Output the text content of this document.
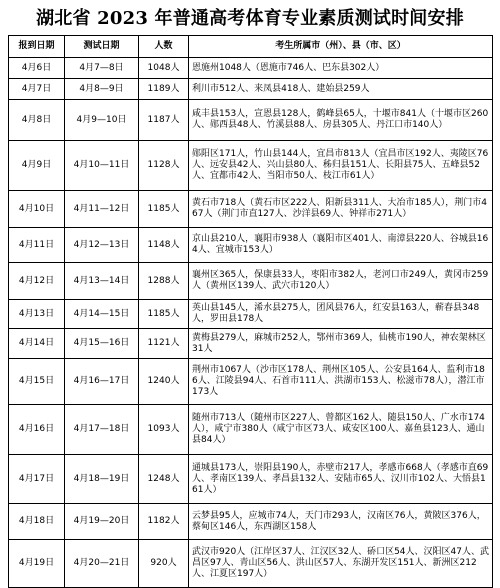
湖北省 2023 年普通高考体育专业素质测试时间安排
报到日期	测试日期	人数	考生所属市（州）、县（市、区）
4月6日	4月7—8日	1048人	恩施州1048人（恩施市746人、巴东县302人）
4月7日	4月8—9日	1189人	利川市512人、来凤县418人、建始县259人
4月8日	4月9—10日	1187人	咸丰县153人，宣恩县128人，鹤峰县65人，十堰市841人（十堰市区260人、郧西县48人、竹溪县88人、房县305人、丹江口市140人）
4月9日	4月10—11日	1128人	郧阳区171人，竹山县144人，宜昌市813人（宜昌市区192人、夷陵区76人、远安县42人、兴山县80人、秭归县151人、长阳县75人、五峰县52人、宜都市42人、当阳市50人、枝江市61人）
4月10日	4月11—12日	1185人	黄石市718人（黄石市区222人、阳新县311人、大冶市185人），荆门市467人（荆门市直127人、沙洋县69人、钟祥市271人）
4月11日	4月12—13日	1148人	京山县210人，襄阳市938人（襄阳市区401人、南漳县220人、谷城县164人、宜城市153人）
4月12日	4月13—14日	1288人	襄州区365人，保康县33人，枣阳市382人，老河口市249人，黄冈市259人（黄州区139人、武穴市120人）
4月13日	4月14—15日	1185人	英山县145人，浠水县275人，团风县76人，红安县163人，蕲春县348人，罗田县178人
4月14日	4月15—16日	1121人	黄梅县279人，麻城市252人，鄂州市369人，仙桃市190人，神农架林区31人
4月15日	4月16—17日	1240人	荆州市1067人（沙市区178人、荆州区105人、公安县164人、监利市186人、江陵县94人、石首市111人、洪湖市153人、松滋市78人），潜江市173人
4月16日	4月17—18日	1093人	随州市713人（随州市区227人、曾都区162人、随县150人、广水市174人），咸宁市380人（咸宁市区73人、咸安区100人、嘉鱼县123人、通山县84人）
4月17日	4月18—19日	1248人	通城县173人，崇阳县190人，赤壁市217人，孝感市668人（孝感市直69人、孝南区139人、孝昌县132人、安陆市65人、汉川市102人、大悟县161人）
4月18日	4月19—20日	1182人	云梦县95人，应城市74人，天门市293人，汉南区76人，黄陂区376人，蔡甸区146人，东西湖区158人
4月19日	4月20—21日	920人	武汉市920人（江岸区37人、江汉区32人、硚口区54人、汉阳区47人、武昌区97人、青山区56人、洪山区57人、东湖开发区151人、新洲区212人、江夏区197人）
